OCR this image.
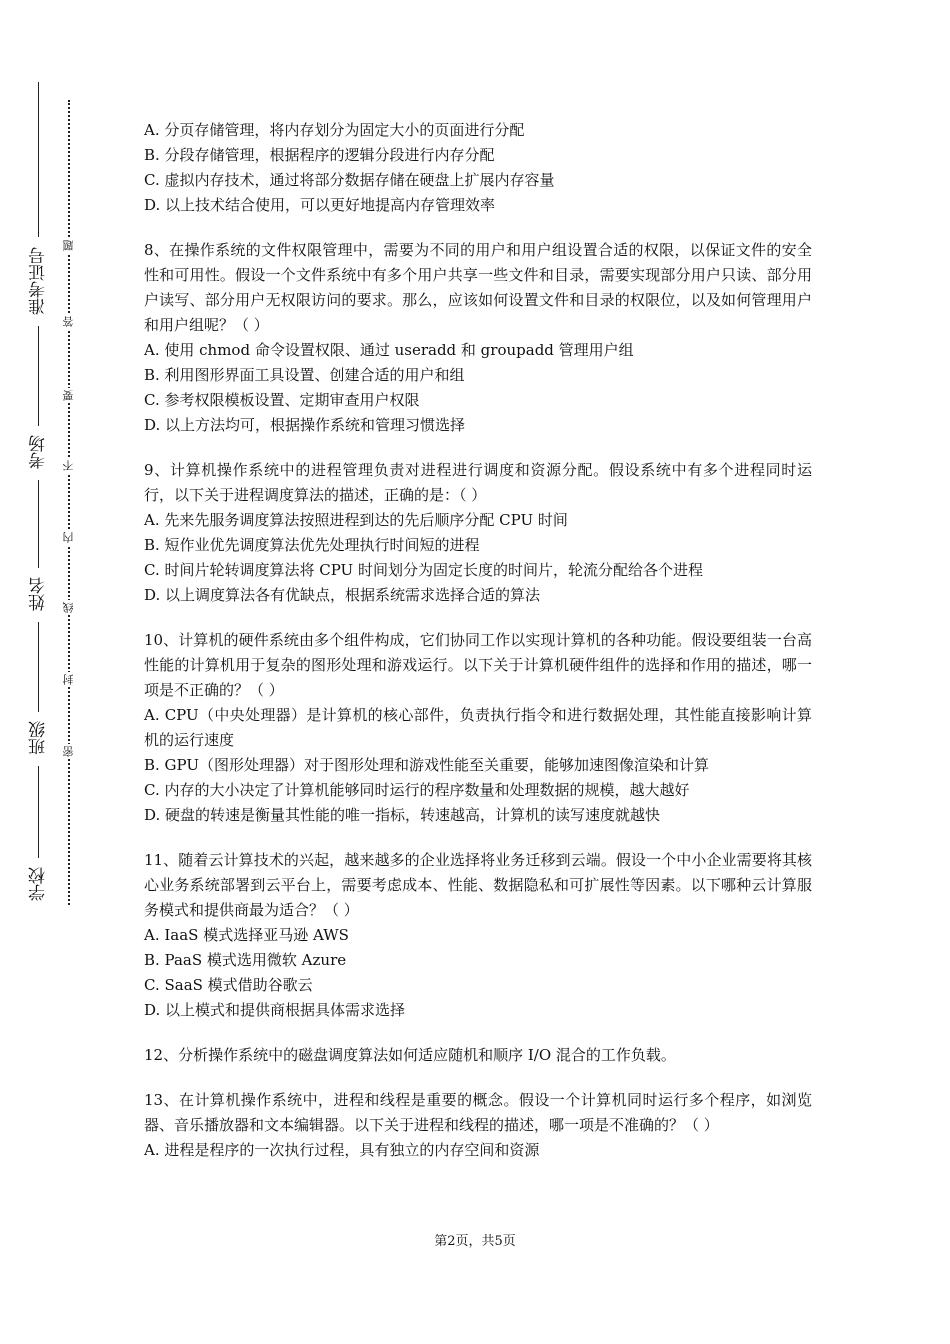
准考证号
考场
姓名
班级
学校
题
答
要
不
内
线
封
密
A. 分页存储管理，将内存划分为固定大小的页面进行分配
B. 分段存储管理，根据程序的逻辑分段进行内存分配
C. 虚拟内存技术，通过将部分数据存储在硬盘上扩展内存容量
D. 以上技术结合使用，可以更好地提高内存管理效率
8、在操作系统的文件权限管理中，需要为不同的用户和用户组设置合适的权限，以保证文件的安全性和可用性。假设一个文件系统中有多个用户共享一些文件和目录，需要实现部分用户只读、部分用户读写、部分用户无权限访问的要求。那么，应该如何设置文件和目录的权限位，以及如何管理用户和用户组呢？（ ）
A. 使用 chmod 命令设置权限、通过 useradd 和 groupadd 管理用户组
B. 利用图形界面工具设置、创建合适的用户和组
C. 参考权限模板设置、定期审查用户权限
D. 以上方法均可，根据操作系统和管理习惯选择
9、计算机操作系统中的进程管理负责对进程进行调度和资源分配。假设系统中有多个进程同时运行，以下关于进程调度算法的描述，正确的是：（ ）
A. 先来先服务调度算法按照进程到达的先后顺序分配 CPU 时间
B. 短作业优先调度算法优先处理执行时间短的进程
C. 时间片轮转调度算法将 CPU 时间划分为固定长度的时间片，轮流分配给各个进程
D. 以上调度算法各有优缺点，根据系统需求选择合适的算法
10、计算机的硬件系统由多个组件构成，它们协同工作以实现计算机的各种功能。假设要组装一台高性能的计算机用于复杂的图形处理和游戏运行。以下关于计算机硬件组件的选择和作用的描述，哪一项是不正确的？（ ）
A. CPU（中央处理器）是计算机的核心部件，负责执行指令和进行数据处理，其性能直接影响计算机的运行速度
B. GPU（图形处理器）对于图形处理和游戏性能至关重要，能够加速图像渲染和计算
C. 内存的大小决定了计算机能够同时运行的程序数量和处理数据的规模，越大越好
D. 硬盘的转速是衡量其性能的唯一指标，转速越高，计算机的读写速度就越快
11、随着云计算技术的兴起，越来越多的企业选择将业务迁移到云端。假设一个中小企业需要将其核心业务系统部署到云平台上，需要考虑成本、性能、数据隐私和可扩展性等因素。以下哪种云计算服务模式和提供商最为适合？（ ）
A. IaaS 模式选择亚马逊 AWS
B. PaaS 模式选用微软 Azure
C. SaaS 模式借助谷歌云
D. 以上模式和提供商根据具体需求选择
12、分析操作系统中的磁盘调度算法如何适应随机和顺序 I/O 混合的工作负载。
13、在计算机操作系统中，进程和线程是重要的概念。假设一个计算机同时运行多个程序，如浏览器、音乐播放器和文本编辑器。以下关于进程和线程的描述，哪一项是不准确的？（ ）
A. 进程是程序的一次执行过程，具有独立的内存空间和资源
第2页，共5页
